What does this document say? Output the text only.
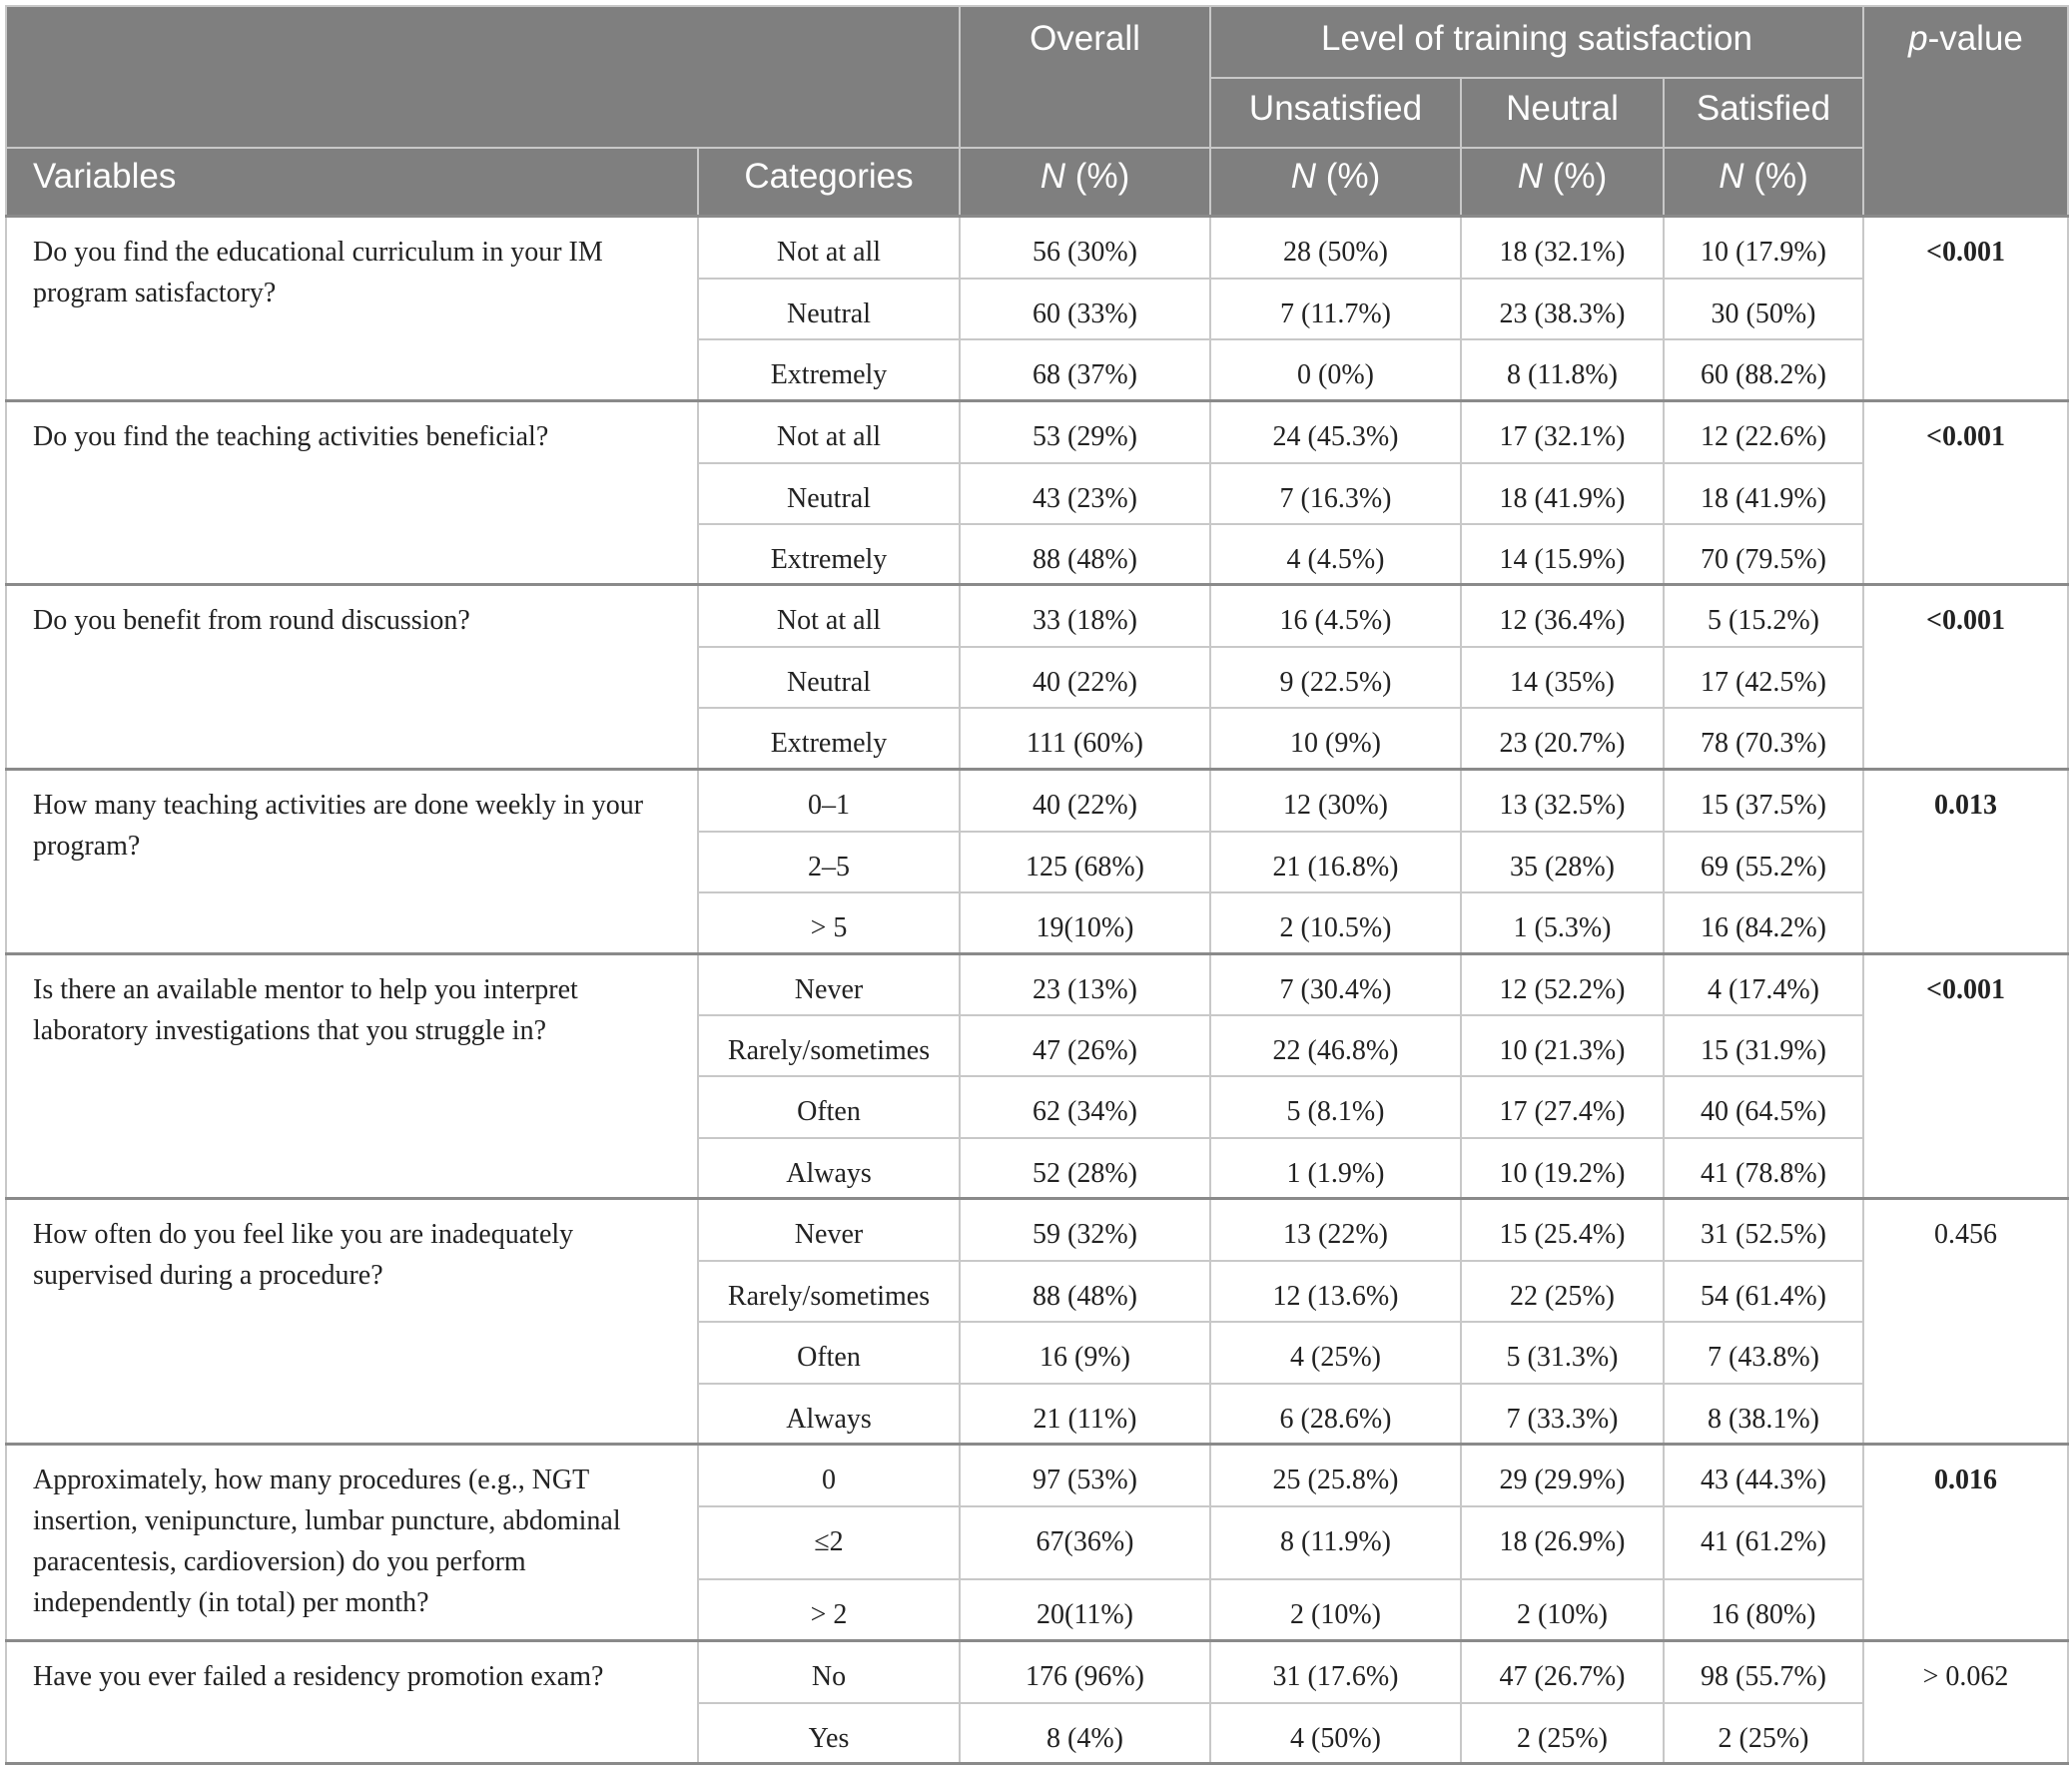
		Overall	Level of training satisfaction			p-value
			Unsatisfied	Neutral	Satisfied	
Variables	Categories	N (%)	N (%)	N (%)	N (%)	
Do you find the educational curriculum in your IM program satisfactory?	Not at all	56 (30%)	28 (50%)	18 (32.1%)	10 (17.9%)	<0.001
	Neutral	60 (33%)	7 (11.7%)	23 (38.3%)	30 (50%)	
	Extremely	68 (37%)	0 (0%)	8 (11.8%)	60 (88.2%)	
Do you find the teaching activities beneficial?	Not at all	53 (29%)	24 (45.3%)	17 (32.1%)	12 (22.6%)	<0.001
	Neutral	43 (23%)	7 (16.3%)	18 (41.9%)	18 (41.9%)	
	Extremely	88 (48%)	4 (4.5%)	14 (15.9%)	70 (79.5%)	
Do you benefit from round discussion?	Not at all	33 (18%)	16 (4.5%)	12 (36.4%)	5 (15.2%)	<0.001
	Neutral	40 (22%)	9 (22.5%)	14 (35%)	17 (42.5%)	
	Extremely	111 (60%)	10 (9%)	23 (20.7%)	78 (70.3%)	
How many teaching activities are done weekly in your program?	0–1	40 (22%)	12 (30%)	13 (32.5%)	15 (37.5%)	0.013
	2–5	125 (68%)	21 (16.8%)	35 (28%)	69 (55.2%)	
	> 5	19(10%)	2 (10.5%)	1 (5.3%)	16 (84.2%)	
Is there an available mentor to help you interpret laboratory investigations that you struggle in?	Never	23 (13%)	7 (30.4%)	12 (52.2%)	4 (17.4%)	<0.001
	Rarely/sometimes	47 (26%)	22 (46.8%)	10 (21.3%)	15 (31.9%)	
	Often	62 (34%)	5 (8.1%)	17 (27.4%)	40 (64.5%)	
	Always	52 (28%)	1 (1.9%)	10 (19.2%)	41 (78.8%)	
How often do you feel like you are inadequately supervised during a procedure?	Never	59 (32%)	13 (22%)	15 (25.4%)	31 (52.5%)	0.456
	Rarely/sometimes	88 (48%)	12 (13.6%)	22 (25%)	54 (61.4%)	
	Often	16 (9%)	4 (25%)	5 (31.3%)	7 (43.8%)	
	Always	21 (11%)	6 (28.6%)	7 (33.3%)	8 (38.1%)	
Approximately, how many procedures (e.g., NGT insertion, venipuncture, lumbar puncture, abdominal paracentesis, cardioversion) do you perform independently (in total) per month?	0	97 (53%)	25 (25.8%)	29 (29.9%)	43 (44.3%)	0.016
	≤2	67(36%)	8 (11.9%)	18 (26.9%)	41 (61.2%)	
	> 2	20(11%)	2 (10%)	2 (10%)	16 (80%)	
Have you ever failed a residency promotion exam?	No	176 (96%)	31 (17.6%)	47 (26.7%)	98 (55.7%)	> 0.062
	Yes	8 (4%)	4 (50%)	2 (25%)	2 (25%)	
